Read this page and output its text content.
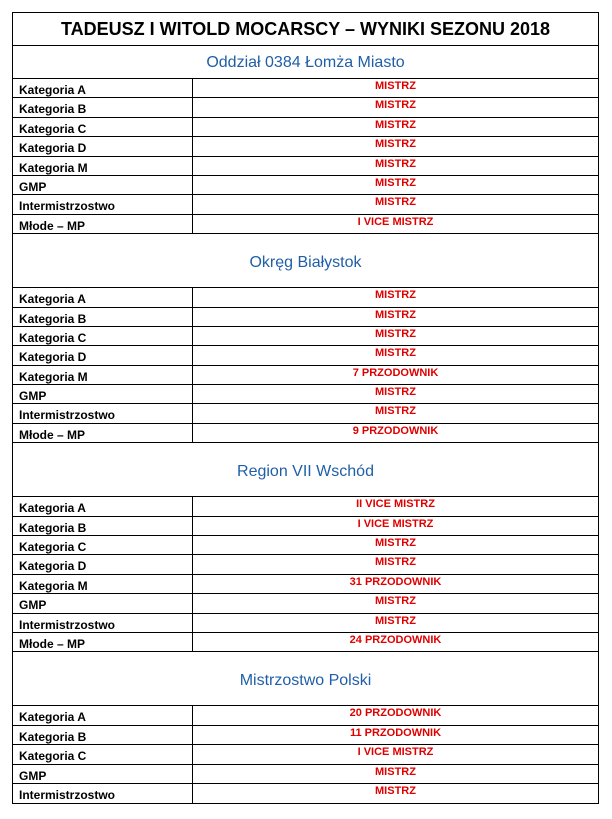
TADEUSZ I WITOLD MOCARSCY – WYNIKI SEZONU 2018
Oddział 0384 Łomża Miasto
Kategoria A	MISTRZ
Kategoria B	MISTRZ
Kategoria C	MISTRZ
Kategoria D	MISTRZ
Kategoria M	MISTRZ
GMP	MISTRZ
Intermistrzostwo	MISTRZ
Młode – MP	I VICE MISTRZ
Okręg Białystok
Kategoria A	MISTRZ
Kategoria B	MISTRZ
Kategoria C	MISTRZ
Kategoria D	MISTRZ
Kategoria M	7 PRZODOWNIK
GMP	MISTRZ
Intermistrzostwo	MISTRZ
Młode – MP	9 PRZODOWNIK
Region VII Wschód
Kategoria A	II VICE MISTRZ
Kategoria B	I VICE MISTRZ
Kategoria C	MISTRZ
Kategoria D	MISTRZ
Kategoria M	31 PRZODOWNIK
GMP	MISTRZ
Intermistrzostwo	MISTRZ
Młode – MP	24 PRZODOWNIK
Mistrzostwo Polski
Kategoria A	20 PRZODOWNIK
Kategoria B	11 PRZODOWNIK
Kategoria C	I VICE MISTRZ
GMP	MISTRZ
Intermistrzostwo	MISTRZ
